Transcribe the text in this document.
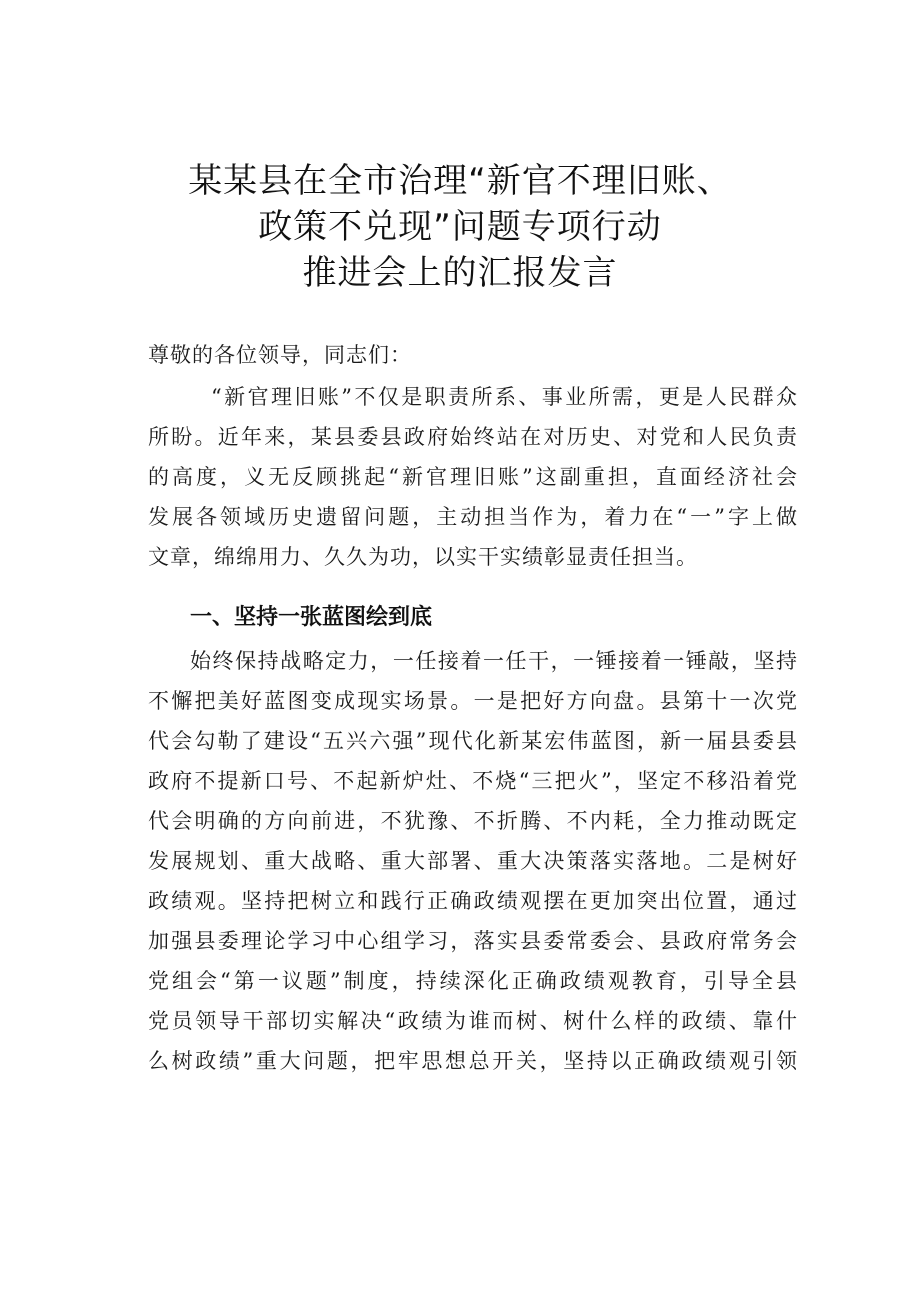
某某县在全市治理“新官不理旧账、
政策不兑现”问题专项行动
推进会上的汇报发言
尊敬的各位领导，同志们：
“新官理旧账”不仅是职责所系、事业所需，更是人民群众
所盼。近年来，某县委县政府始终站在对历史、对党和人民负责
的高度，义无反顾挑起“新官理旧账”这副重担，直面经济社会
发展各领域历史遗留问题，主动担当作为，着力在“一”字上做
文章，绵绵用力、久久为功，以实干实绩彰显责任担当。
一、坚持一张蓝图绘到底
始终保持战略定力，一任接着一任干，一锤接着一锤敲，坚持
不懈把美好蓝图变成现实场景。一是把好方向盘。县第十一次党
代会勾勒了建设“五兴六强”现代化新某宏伟蓝图，新一届县委县
政府不提新口号、不起新炉灶、不烧“三把火”，坚定不移沿着党
代会明确的方向前进，不犹豫、不折腾、不内耗，全力推动既定
发展规划、重大战略、重大部署、重大决策落实落地。二是树好
政绩观。坚持把树立和践行正确政绩观摆在更加突出位置，通过
加强县委理论学习中心组学习，落实县委常委会、县政府常务会
党组会“第一议题”制度，持续深化正确政绩观教育，引导全县
党员领导干部切实解决“政绩为谁而树、树什么样的政绩、靠什
么树政绩”重大问题，把牢思想总开关，坚持以正确政绩观引领
